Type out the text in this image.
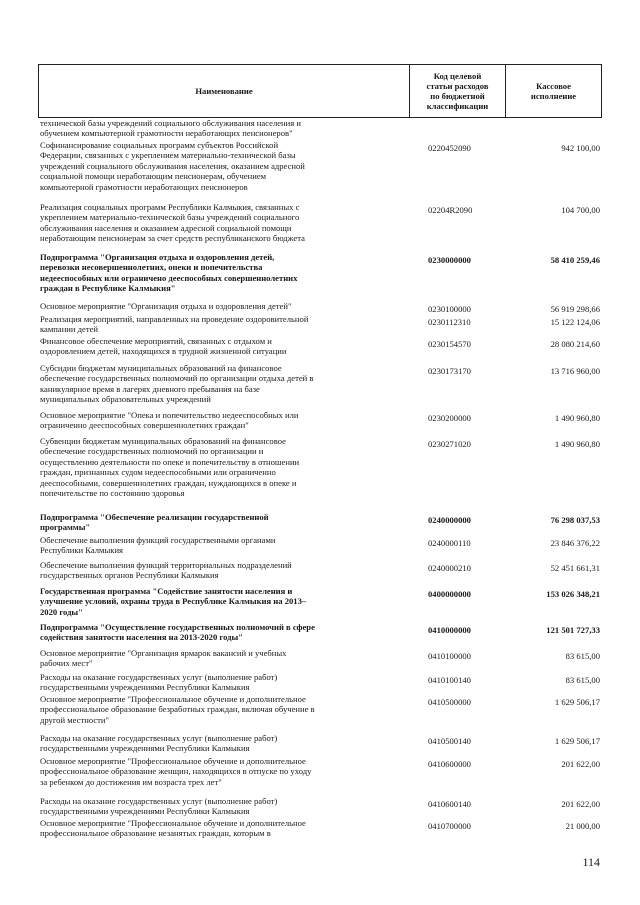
Наименование
Код целевой
статьи расходов
по бюджетной
классификации
Кассовое
исполнение
технической базы учреждений социального обслуживания населения и
обучением компьютерной грамотности неработающих пенсионеров"
Софинансирование социальных программ субъектов Российской
Федерации, связанных с укреплением материально-технической базы
учреждений социального обслуживания населения, оказанием адресной
социальной помощи неработающим пенсионерам, обучением
компьютерной грамотности неработающих пенсионеров
0220452090	942 100,00
Реализация социальных программ Республики Калмыкия, связанных с
укреплением материально-технической базы учреждений социального
обслуживания населения и оказанием адресной социальной помощи
неработающим пенсионерам за счет средств республиканского бюджета
02204R2090	104 700,00
Подпрограмма "Организация отдыха и оздоровления детей,
перевозки несовершеннолетних, опеки и попечительства
недееспособных или ограничено дееспособных совершеннолетних
граждан в Республике Калмыкия"
0230000000	58 410 259,46
Основное мероприятие "Организация отдыха и оздоровления детей"	0230100000	56 919 298,66
Реализация мероприятий, направленных на проведение оздоровительной
кампании детей
0230112310	15 122 124,06
Финансовое обеспечение мероприятий, связанных с отдыхом и
оздоровлением детей, находящихся в трудной жизненной ситуации
0230154570	28 080 214,60
Субсидии бюджетам муниципальных образований на финансовое
обеспечение государственных полномочий по организации отдыха детей в
каникулярное время в лагерях дневного пребывания на базе
муниципальных образовательных учреждений
0230173170	13 716 960,00
Основное мероприятие "Опека и попечительство недееспособных или
ограниченно дееспособных совершеннолетних граждан"
0230200000	1 490 960,80
Субвенции бюджетам муниципальных образований на финансовое
обеспечение государственных полномочий по организации и
осуществлению деятельности по опеке и попечительству в отношении
граждан, признанных судом недееспособными или ограниченно
дееспособными, совершеннолетних граждан, нуждающихся в опеке и
попечительстве по состоянию здоровья
0230271020	1 490 960,80
Подпрограмма "Обеспечение реализации государственной
программы"
0240000000	76 298 037,53
Обеспечение выполнения функций государственными органами
Республики Калмыкия
0240000110	23 846 376,22
Обеспечение выполнения функций территориальных подразделений
государственных органов Республики Калмыкия
0240000210	52 451 661,31
Государственная программа "Содействие занятости населения и
улучшение условий, охраны труда в Республике Калмыкия на 2013–
2020 годы"
0400000000	153 026 348,21
Подпрограмма "Осуществление государственных полномочий в сфере
содействия занятости населения на 2013-2020 годы"
0410000000	121 501 727,33
Основное мероприятие "Организация ярмарок вакансий и учебных
рабочих мест"
0410100000	83 615,00
Расходы на оказание государственных услуг (выполнение работ)
государственными учреждениями Республики Калмыкия
0410100140	83 615,00
Основное мероприятие "Профессиональное обучение и дополнительное
профессиональное образование безработных граждан, включая обучение в
другой местности"
0410500000	1 629 506,17
Расходы на оказание государственных услуг (выполнение работ)
государственными учреждениями Республики Калмыкия
0410500140	1 629 506,17
Основное мероприятие "Профессиональное обучение и дополнительное
профессиональное образование женщин, находящихся в отпуске по уходу
за ребенком до достижения им возраста трех лет"
0410600000	201 622,00
Расходы на оказание государственных услуг (выполнение работ)
государственными учреждениями Республики Калмыкия
0410600140	201 622,00
Основное мероприятие "Профессиональное обучение и дополнительное
профессиональное образование незанятых граждан, которым в
0410700000	21 000,00
114
